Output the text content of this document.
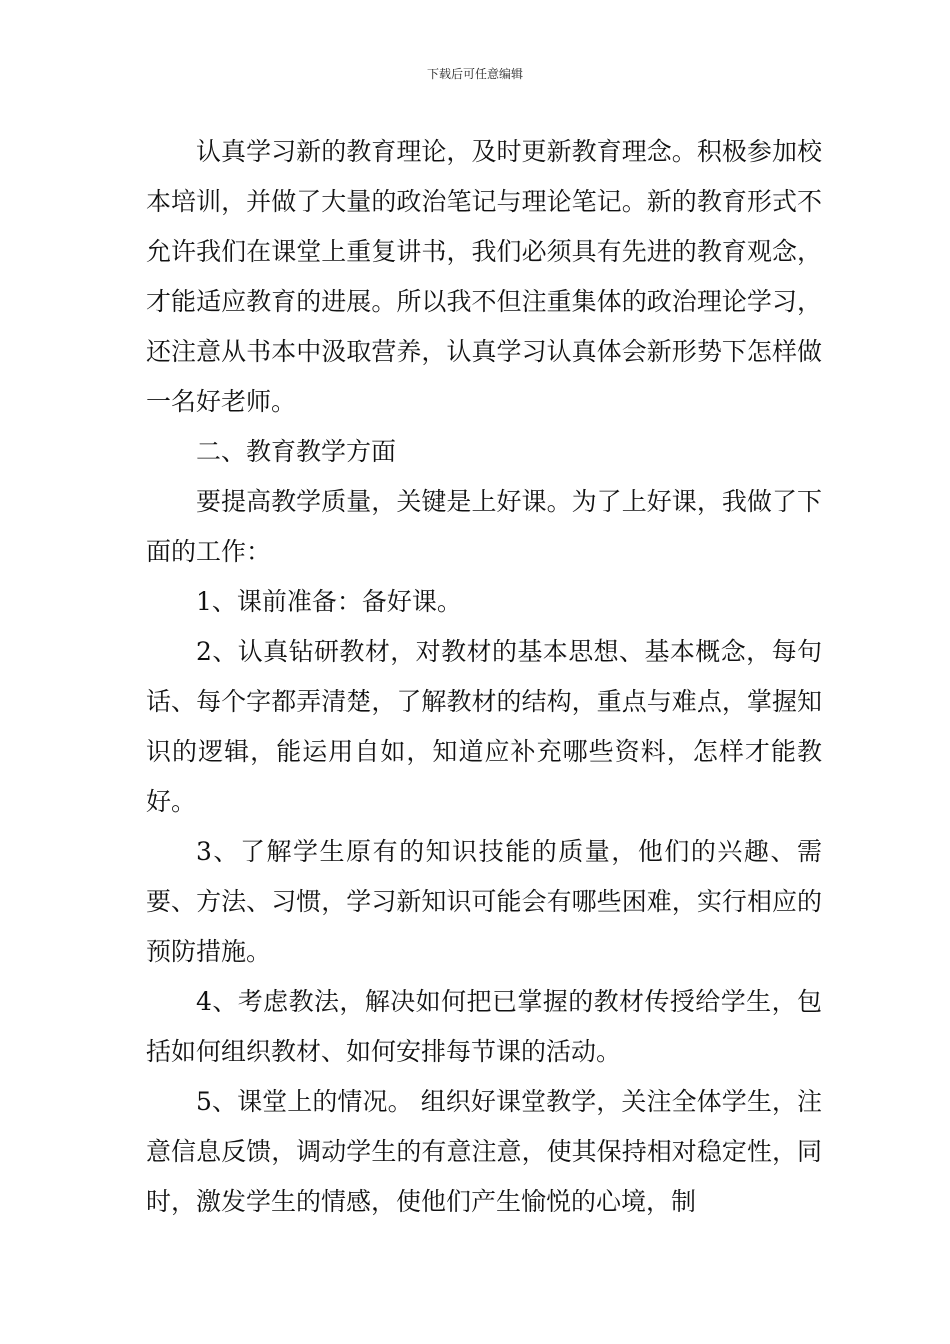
下载后可任意编辑

认真学习新的教育理论，及时更新教育理念。积极参加校本培训，并做了大量的政治笔记与理论笔记。新的教育形式不允许我们在课堂上重复讲书，我们必须具有先进的教育观念，才能适应教育的进展。所以我不但注重集体的政治理论学习，还注意从书本中汲取营养，认真学习认真体会新形势下怎样做一名好老师。

二、教育教学方面

要提高教学质量，关键是上好课。为了上好课，我做了下面的工作：

1、课前准备：备好课。

2、认真钻研教材，对教材的基本思想、基本概念，每句话、每个字都弄清楚，了解教材的结构，重点与难点，掌握知识的逻辑，能运用自如，知道应补充哪些资料，怎样才能教好。

3、了解学生原有的知识技能的质量，他们的兴趣、需要、方法、习惯，学习新知识可能会有哪些困难，实行相应的预防措施。

4、考虑教法，解决如何把已掌握的教材传授给学生，包括如何组织教材、如何安排每节课的活动。

5、课堂上的情况。 组织好课堂教学，关注全体学生，注意信息反馈，调动学生的有意注意，使其保持相对稳定性，同时，激发学生的情感，使他们产生愉悦的心境，制
